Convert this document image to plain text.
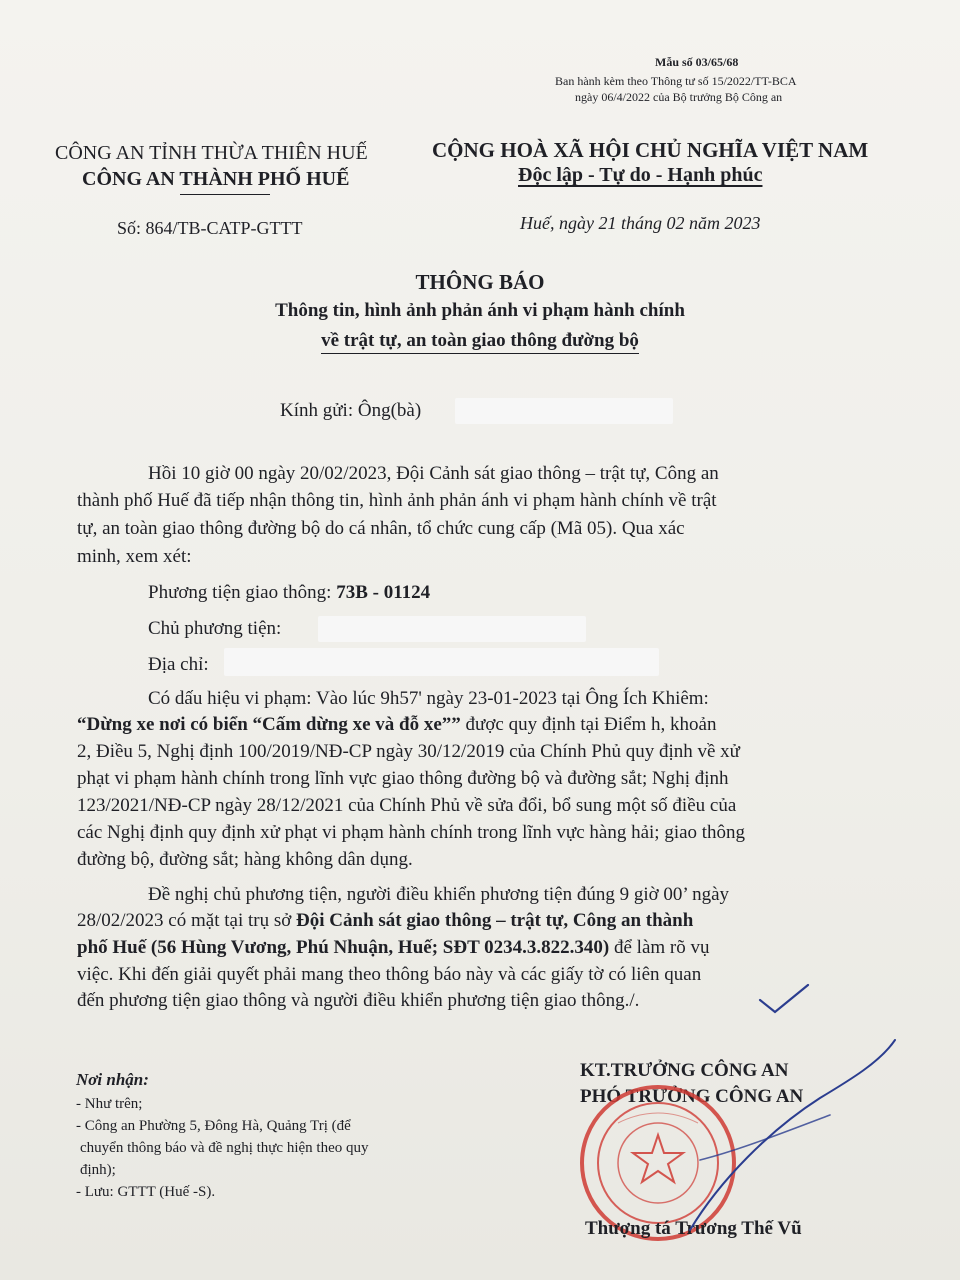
Mẫu số 03/65/68
Ban hành kèm theo Thông tư số 15/2022/TT-BCA
ngày 06/4/2022 của Bộ trưởng Bộ Công an
CÔNG AN TỈNH THỪA THIÊN HUẾ
CÔNG AN THÀNH PHỐ HUẾ
CỘNG HOÀ XÃ HỘI CHỦ NGHĨA VIỆT NAM
Độc lập - Tự do - Hạnh phúc
Số: 864/TB-CATP-GTTT	Huế, ngày 21 tháng 02 năm 2023
THÔNG BÁO
Thông tin, hình ảnh phản ánh vi phạm hành chính
về trật tự, an toàn giao thông đường bộ
Kính gửi: Ông(bà)
Hồi 10 giờ 00 ngày 20/02/2023, Đội Cảnh sát giao thông – trật tự, Công an
thành phố Huế đã tiếp nhận thông tin, hình ảnh phản ánh vi phạm hành chính về trật
tự, an toàn giao thông đường bộ do cá nhân, tổ chức cung cấp (Mã 05). Qua xác
minh, xem xét:
Phương tiện giao thông: 73B - 01124
Chủ phương tiện:
Địa chỉ:
Có dấu hiệu vi phạm: Vào lúc 9h57' ngày 23-01-2023 tại Ông Ích Khiêm:
“Dừng xe nơi có biển “Cấm dừng xe và đỗ xe”” được quy định tại Điểm h, khoản
2, Điều 5, Nghị định 100/2019/NĐ-CP ngày 30/12/2019 của Chính Phủ quy định về xử
phạt vi phạm hành chính trong lĩnh vực giao thông đường bộ và đường sắt; Nghị định
123/2021/NĐ-CP ngày 28/12/2021 của Chính Phủ về sửa đổi, bổ sung một số điều của
các Nghị định quy định xử phạt vi phạm hành chính trong lĩnh vực hàng hải; giao thông
đường bộ, đường sắt; hàng không dân dụng.
Đề nghị chủ phương tiện, người điều khiển phương tiện đúng 9 giờ 00’ ngày
28/02/2023 có mặt tại trụ sở Đội Cảnh sát giao thông – trật tự, Công an thành
phố Huế (56 Hùng Vương, Phú Nhuận, Huế; SĐT 0234.3.822.340) để làm rõ vụ
việc. Khi đến giải quyết phải mang theo thông báo này và các giấy tờ có liên quan
đến phương tiện giao thông và người điều khiển phương tiện giao thông./.
Nơi nhận:
- Như trên;
- Công an Phường 5, Đông Hà, Quảng Trị (để
chuyển thông báo và đề nghị thực hiện theo quy
định);
- Lưu: GTTT (Huế -S).
KT.TRƯỞNG CÔNG AN
PHÓ TRƯỞNG CÔNG AN
Thượng tá Trương Thế Vũ
